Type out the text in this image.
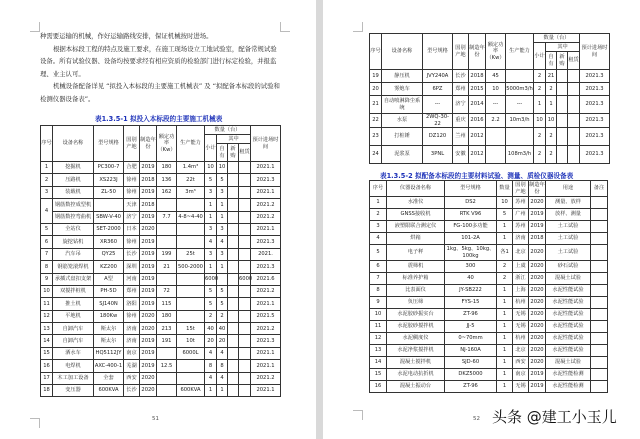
种需要运输的机械，作好运输路线安排，保证机械按时进场。

根据本标段工程的特点及施工要求，在施工现场设立工地试验室，配备常规试验设备。所有试验仪器、设备均按要求经有相应资质的检验部门进行标定检验，并报监理、业主认可。

机械设备配备详见 “拟投入本标段的主要施工机械表” 及 “拟配备本标段的试验和检测仪器设备表”。

表1.3.5-1 拟投入本标段的主要施工机械表
序号	设备名称	型号规格	国别产地	制造年份	额定功率（Kw）	生产能力	数量（台）				预计进场时间
							小计	其中			
								自有	新购	租赁	
1	挖掘机	PC300-7	合肥	2019	180	1.4m³	10	10			2021.1
2	压路机	XS223J	徐州	2018	136	22t	5	5			2021.3
3	装载机	ZL-50	徐州	2019	162	3m³	3	3			2021.1
4	钢筋数控成型机		天津	2018			1	1			2021.2
	钢筋数控弯曲机	SBW-V-40	济宁	2019	7.7	4-8~4-40	1	1			2021.2
5	全站仪	SET-2000	日本	2020			3	3			2021.1
6	旋挖钻机	XR360	徐州	2019			4	4			2021.3
7	汽车吊	QY25	长沙	2019	199	25t	3	3			2021.
8	钢筋笼滚焊机	KZ200	深圳	2019	21	500-2000	1	1			2021.3
9	承插式盘扣支架	A型	河南	2019			6000			6000	2021.6
10	双搅拌桩机	PH-5D	郑州	2019	72		5	5			2021.2
11	推土机	SJ140N	洛阳	2019	115		5	5			2021.1
12	平地机	180Kw	徐州	2020	180		2	2			2021.5
13	自卸汽车	斯太尔	济南	2020	213	15t	40	40			2021.2
14	自卸汽车	斯太尔	济南	2019	191	10t	20	20			2021.3
15	洒水车	HQ5112JY	南京	2019		6000L	4	4			2021.1
16	电焊机	AXC-400-1	芜湖	2019	12.5		8	8			2021.1
17	木工加工设备	全套	西安	2020			4	4			2021.2
18	变压器	600KVA	长沙	2020		600KVA	1	1			2021.1
51
序号	设备名称	型号规格	国别产地	制造年份	额定功率（Kw）	生产能力	数量（台）				预计进场时间
							小计	其中			
								自有	新购	租赁	
19	静压机	JVY240A	长沙	2018	45		2	21			2021.3
20	雾炮车	6PZ	郑州	2015	10	5000m3/h	2	2			2021.3
21	自动喷淋降尘系统	---	济宁	2014	---	---	1	1			2021.3
22	水泵	2WQ-30-22	重庆	2016	2.2	10m3/h	10	10			2021.3
23	打桩锤	DZ120	兰州	2012			2	2			2021.3
24	泥浆泵	3PNL	安徽	2012		108m3/h	2	2			2021.3
表1.3.5-2 拟配备本标段的主要材料试验、测量、质检仪器设备表
序号	仪器设备名称	型号规格	数量	国别产地	制造年份	用途	备注
1	水准仪	DS2	10	苏州	2020	测量、放样	
2	GNSS接收机	RTK V96	5	广州	2019	放样、测量	
3	液塑限联合测定仪	FG-100多功能	1	苏州	2019	土工试验	
4	烘箱	101-2A	1	济南	2018	土工试验	
5	电子秤	1kg、5kg、10kg、100kg	各1	北京	2020	土工试验	
6	震筛机	300	2	上虞	2020	砂石试验	
7	标准养护箱	40	2	浙江	2020	混凝土试验	
8	比表面仪	JY-SB222	1	上海	2020	水泥性能试验	
9	负压筛	FYS-15	1	杭州	2020	水泥性能试验	
10	水泥胶砂振实台	ZT-96	1	无锡	2020	水泥性能试验	
11	水泥胶砂搅拌机	JJ-5	1	无锡	2020	水泥性能试验	
12	水泥稠度仪	0~70mm	1	杭州	2020	水泥性能试验	
13	水泥净浆搅拌机	NJ-160A	1	北京	2020	水泥性能试验	
14	混凝土搅拌机	SJD-60	1	西安	2020	混凝土试验	
15	水泥电动抗折机	DKZ5000	1	南京	2019	水泥性能检测	
16	混凝土振动台	ZT-96	1	无锡	2019	水泥性能检测	
52 头条 @建工小玉儿
